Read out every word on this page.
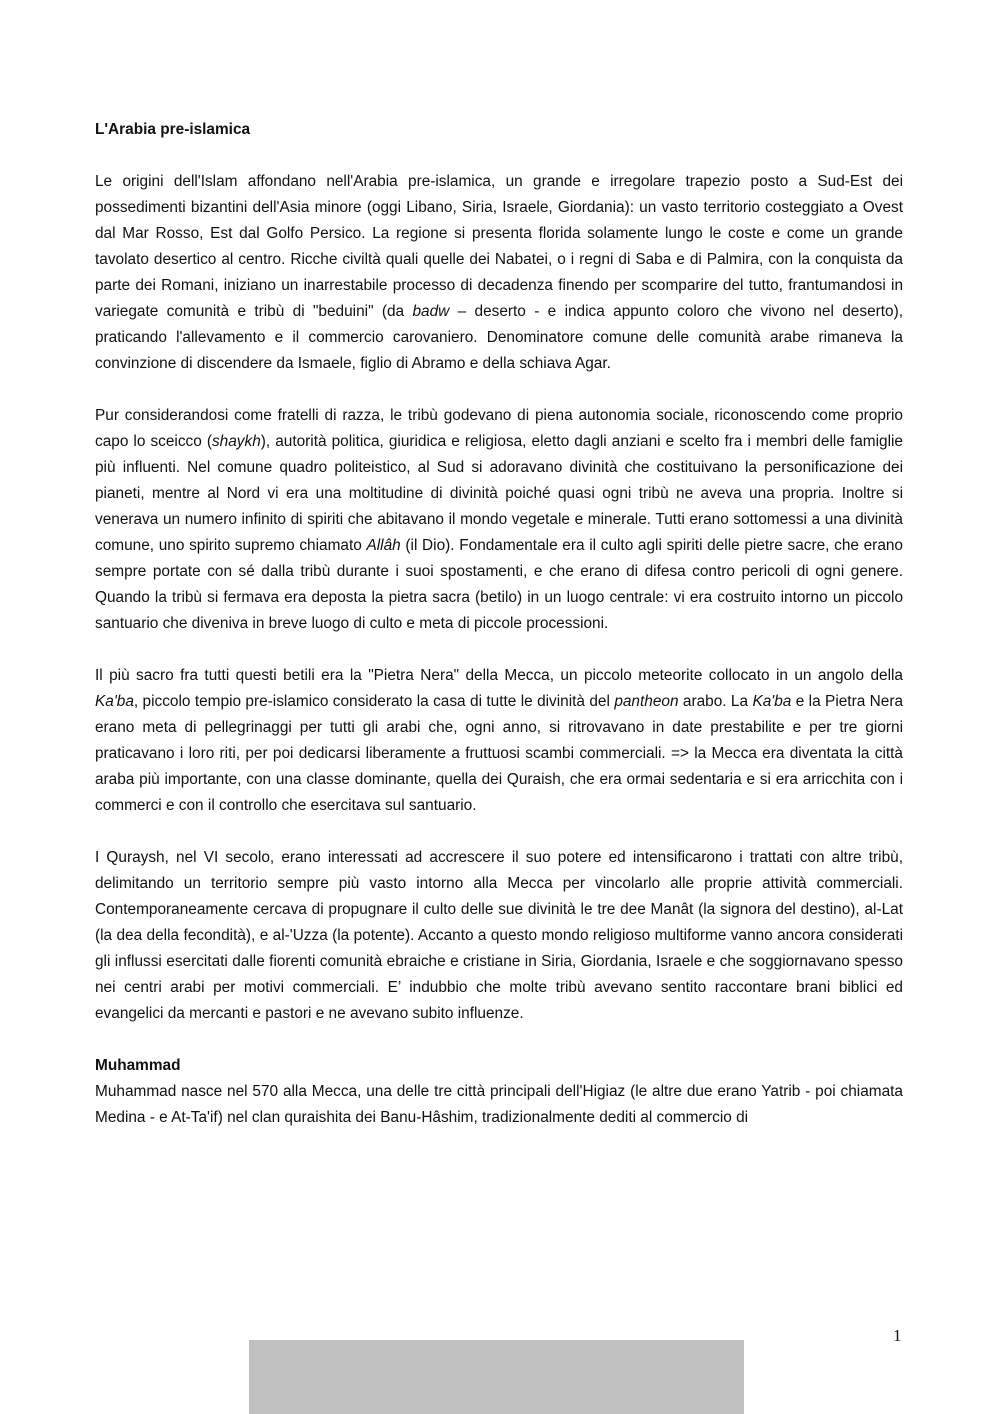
L'Arabia pre-islamica

Le origini dell'Islam affondano nell'Arabia pre-islamica, un grande e irregolare trapezio posto a Sud-Est dei possedimenti bizantini dell'Asia minore (oggi Libano, Siria, Israele, Giordania): un vasto territorio costeggiato a Ovest dal Mar Rosso, Est dal Golfo Persico. La regione si presenta florida solamente lungo le coste e come un grande tavolato desertico al centro. Ricche civiltà quali quelle dei Nabatei, o i regni di Saba e di Palmira, con la conquista da parte dei Romani, iniziano un inarrestabile processo di decadenza finendo per scomparire del tutto, frantumandosi in variegate comunità e tribù di "beduini" (da badw – deserto - e indica appunto coloro che vivono nel deserto), praticando l'allevamento e il commercio carovaniero. Denominatore comune delle comunità arabe rimaneva la convinzione di discendere da Ismaele, figlio di Abramo e della schiava Agar.

Pur considerandosi come fratelli di razza, le tribù godevano di piena autonomia sociale, riconoscendo come proprio capo lo sceicco (shaykh), autorità politica, giuridica e religiosa, eletto dagli anziani e scelto fra i membri delle famiglie più influenti. Nel comune quadro politeistico, al Sud si adoravano divinità che costituivano la personificazione dei pianeti, mentre al Nord vi era una moltitudine di divinità poiché quasi ogni tribù ne aveva una propria. Inoltre si venerava un numero infinito di spiriti che abitavano il mondo vegetale e minerale. Tutti erano sottomessi a una divinità comune, uno spirito supremo chiamato Allâh (il Dio). Fondamentale era il culto agli spiriti delle pietre sacre, che erano sempre portate con sé dalla tribù durante i suoi spostamenti, e che erano di difesa contro pericoli di ogni genere. Quando la tribù si fermava era deposta la pietra sacra (betilo) in un luogo centrale: vi era costruito intorno un piccolo santuario che diveniva in breve luogo di culto e meta di piccole processioni.

Il più sacro fra tutti questi betili era la "Pietra Nera" della Mecca, un piccolo meteorite collocato in un angolo della Ka'ba, piccolo tempio pre-islamico considerato la casa di tutte le divinità del pantheon arabo. La Ka'ba e la Pietra Nera erano meta di pellegrinaggi per tutti gli arabi che, ogni anno, si ritrovavano in date prestabilite e per tre giorni praticavano i loro riti, per poi dedicarsi liberamente a fruttuosi scambi commerciali. => la Mecca era diventata la città araba più importante, con una classe dominante, quella dei Quraish, che era ormai sedentaria e si era arricchita con i commerci e con il controllo che esercitava sul santuario.

I Quraysh, nel VI secolo, erano interessati ad accrescere il suo potere ed intensificarono i trattati con altre tribù, delimitando un territorio sempre più vasto intorno alla Mecca per vincolarlo alle proprie attività commerciali. Contemporaneamente cercava di propugnare il culto delle sue divinità le tre dee Manât (la signora del destino), al-Lat (la dea della fecondità), e al-'Uzza (la potente). Accanto a questo mondo religioso multiforme vanno ancora considerati gli influssi esercitati dalle fiorenti comunità ebraiche e cristiane in Siria, Giordania, Israele e che soggiornavano spesso nei centri arabi per motivi commerciali. E’ indubbio che molte tribù avevano sentito raccontare brani biblici ed evangelici da mercanti e pastori e ne avevano subito influenze.

Muhammad

Muhammad nasce nel 570 alla Mecca, una delle tre città principali dell'Higiaz (le altre due erano Yatrib - poi chiamata Medina - e At-Ta'if) nel clan quraishita dei Banu-Hâshim, tradizionalmente dediti al commercio di

1
